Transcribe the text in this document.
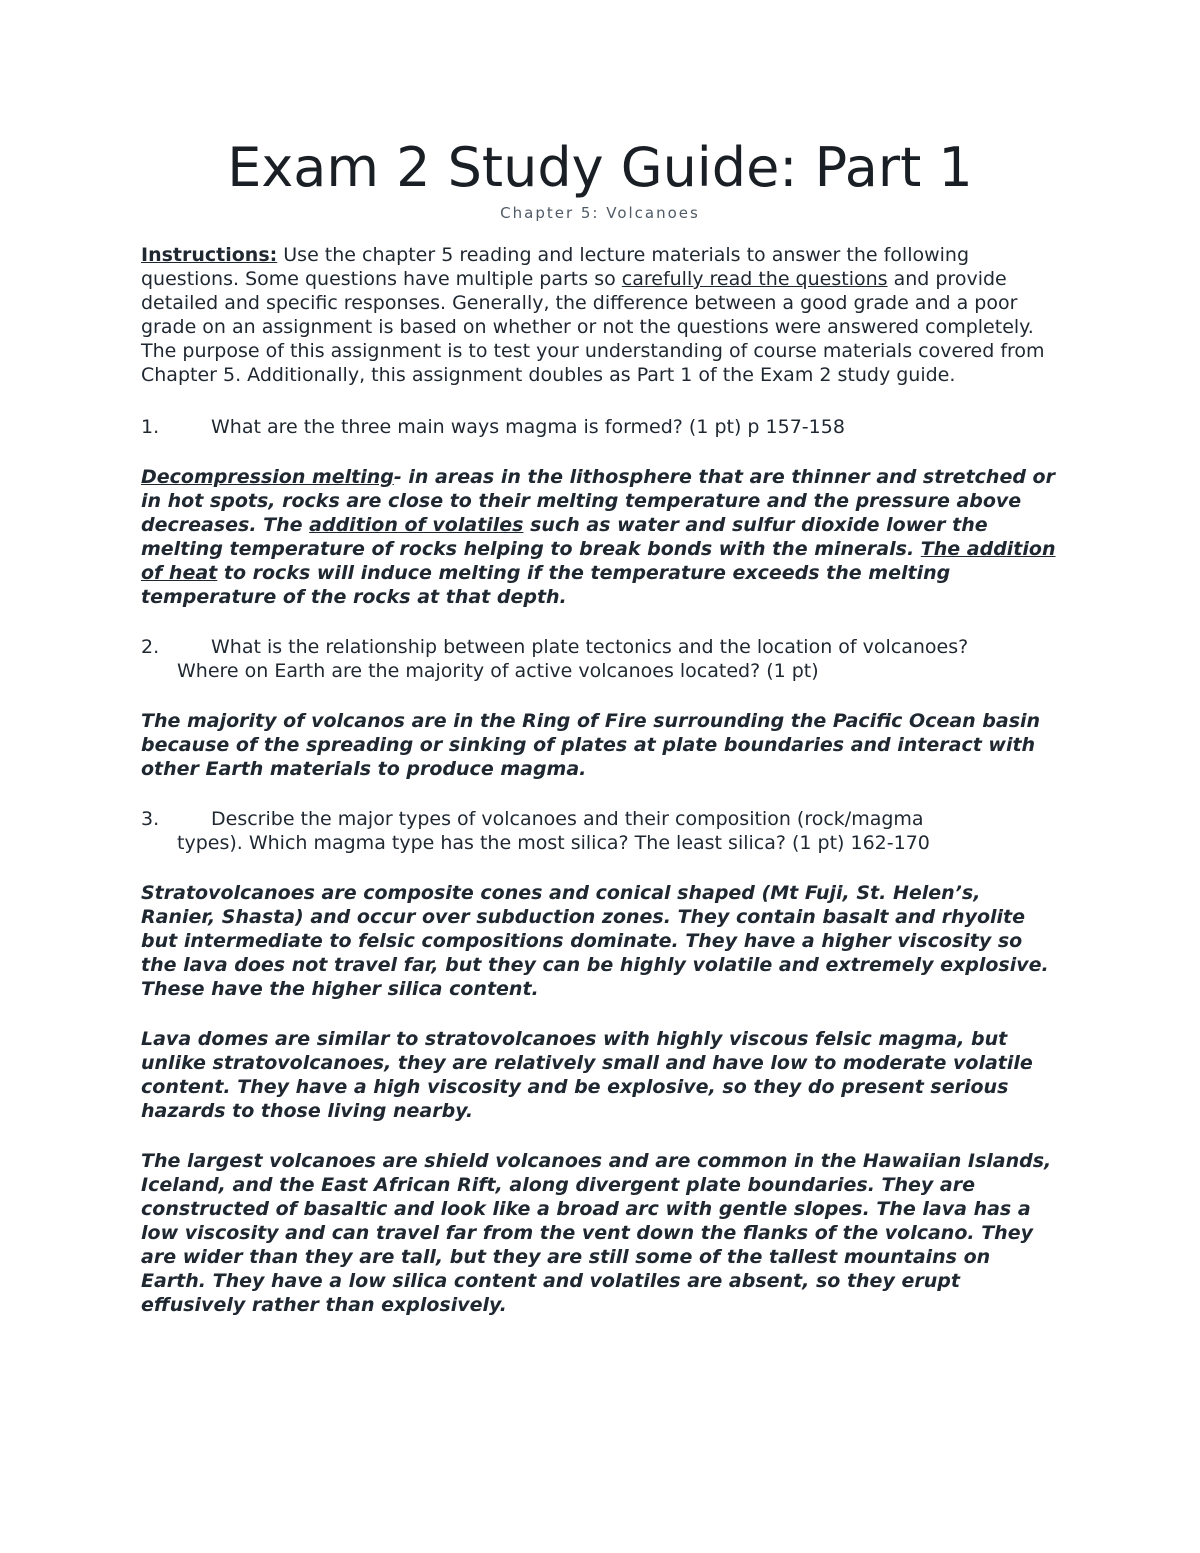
Exam 2 Study Guide: Part 1

Chapter 5: Volcanoes

Instructions: Use the chapter 5 reading and lecture materials to answer the following questions. Some questions have multiple parts so carefully read the questions and provide detailed and specific responses. Generally, the difference between a good grade and a poor grade on an assignment is based on whether or not the questions were answered completely. The purpose of this assignment is to test your understanding of course materials covered from Chapter 5. Additionally, this assignment doubles as Part 1 of the Exam 2 study guide.

1.	What are the three main ways magma is formed? (1 pt) p 157-158

Decompression melting- in areas in the lithosphere that are thinner and stretched or in hot spots, rocks are close to their melting temperature and the pressure above decreases. The addition of volatiles such as water and sulfur dioxide lower the melting temperature of rocks helping to break bonds with the minerals. The addition of heat to rocks will induce melting if the temperature exceeds the melting temperature of the rocks at that depth.

2.	What is the relationship between plate tectonics and the location of volcanoes?
Where on Earth are the majority of active volcanoes located? (1 pt)

The majority of volcanos are in the Ring of Fire surrounding the Pacific Ocean basin because of the spreading or sinking of plates at plate boundaries and interact with other Earth materials to produce magma.

3.	Describe the major types of volcanoes and their composition (rock/magma
types). Which magma type has the most silica? The least silica? (1 pt) 162-170

Stratovolcanoes are composite cones and conical shaped (Mt Fuji, St. Helen’s, Ranier, Shasta) and occur over subduction zones. They contain basalt and rhyolite but intermediate to felsic compositions dominate. They have a higher viscosity so the lava does not travel far, but they can be highly volatile and extremely explosive. These have the higher silica content.

Lava domes are similar to stratovolcanoes with highly viscous felsic magma, but unlike stratovolcanoes, they are relatively small and have low to moderate volatile content. They have a high viscosity and be explosive, so they do present serious hazards to those living nearby.

The largest volcanoes are shield volcanoes and are common in the Hawaiian Islands, Iceland, and the East African Rift, along divergent plate boundaries. They are constructed of basaltic and look like a broad arc with gentle slopes. The lava has a low viscosity and can travel far from the vent down the flanks of the volcano. They are wider than they are tall, but they are still some of the tallest mountains on Earth. They have a low silica content and volatiles are absent, so they erupt effusively rather than explosively.
